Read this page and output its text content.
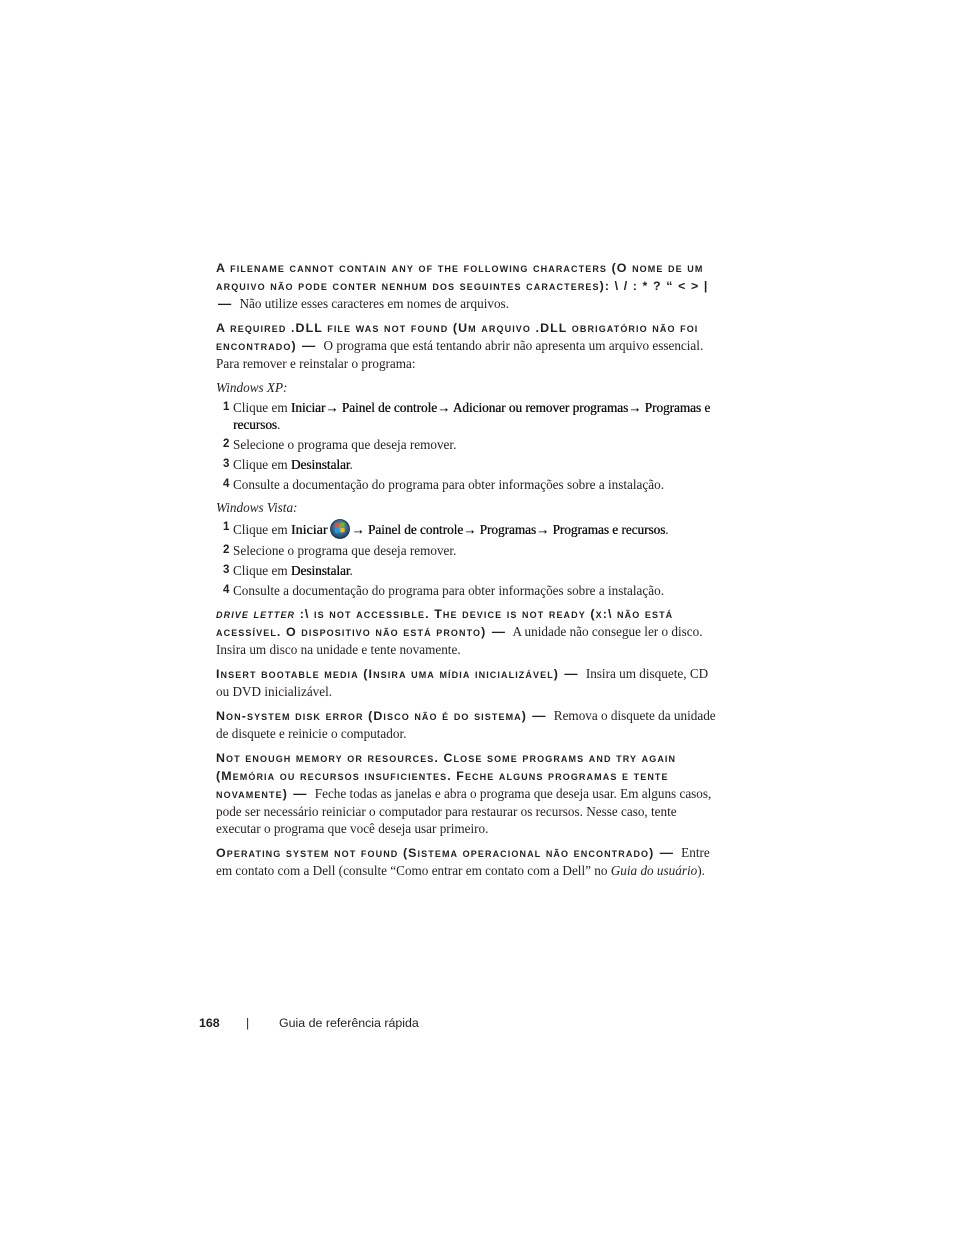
A filename cannot contain any of the following characters (O nome de um arquivo não pode conter nenhum dos seguintes caracteres): \ / : * ? “ < > | — Não utilize esses caracteres em nomes de arquivos.

A required .DLL file was not found (Um arquivo .DLL obrigatório não foi encontrado) — O programa que está tentando abrir não apresenta um arquivo essencial. Para remover e reinstalar o programa:

Windows XP:
1 Clique em Iniciar→ Painel de controle→ Adicionar ou remover programas→ Programas e recursos.
2 Selecione o programa que deseja remover.
3 Clique em Desinstalar.
4 Consulte a documentação do programa para obter informações sobre a instalação.
Windows Vista:
1 Clique em Iniciar → Painel de controle→ Programas→ Programas e recursos.
2 Selecione o programa que deseja remover.
3 Clique em Desinstalar.
4 Consulte a documentação do programa para obter informações sobre a instalação.

drive letter :\ is not accessible. The device is not ready (x:\ não está acessível. O dispositivo não está pronto) — A unidade não consegue ler o disco. Insira um disco na unidade e tente novamente.

Insert bootable media (Insira uma mídia inicializável) — Insira um disquete, CD ou DVD inicializável.

Non-system disk error (Disco não é do sistema) — Remova o disquete da unidade de disquete e reinicie o computador.

Not enough memory or resources. Close some programs and try again (Memória ou recursos insuficientes. Feche alguns programas e tente novamente) — Feche todas as janelas e abra o programa que deseja usar. Em alguns casos, pode ser necessário reiniciar o computador para restaurar os recursos. Nesse caso, tente executar o programa que você deseja usar primeiro.

Operating system not found (Sistema operacional não encontrado) — Entre em contato com a Dell (consulte “Como entrar em contato com a Dell” no Guia do usuário).

168 | Guia de referência rápida
